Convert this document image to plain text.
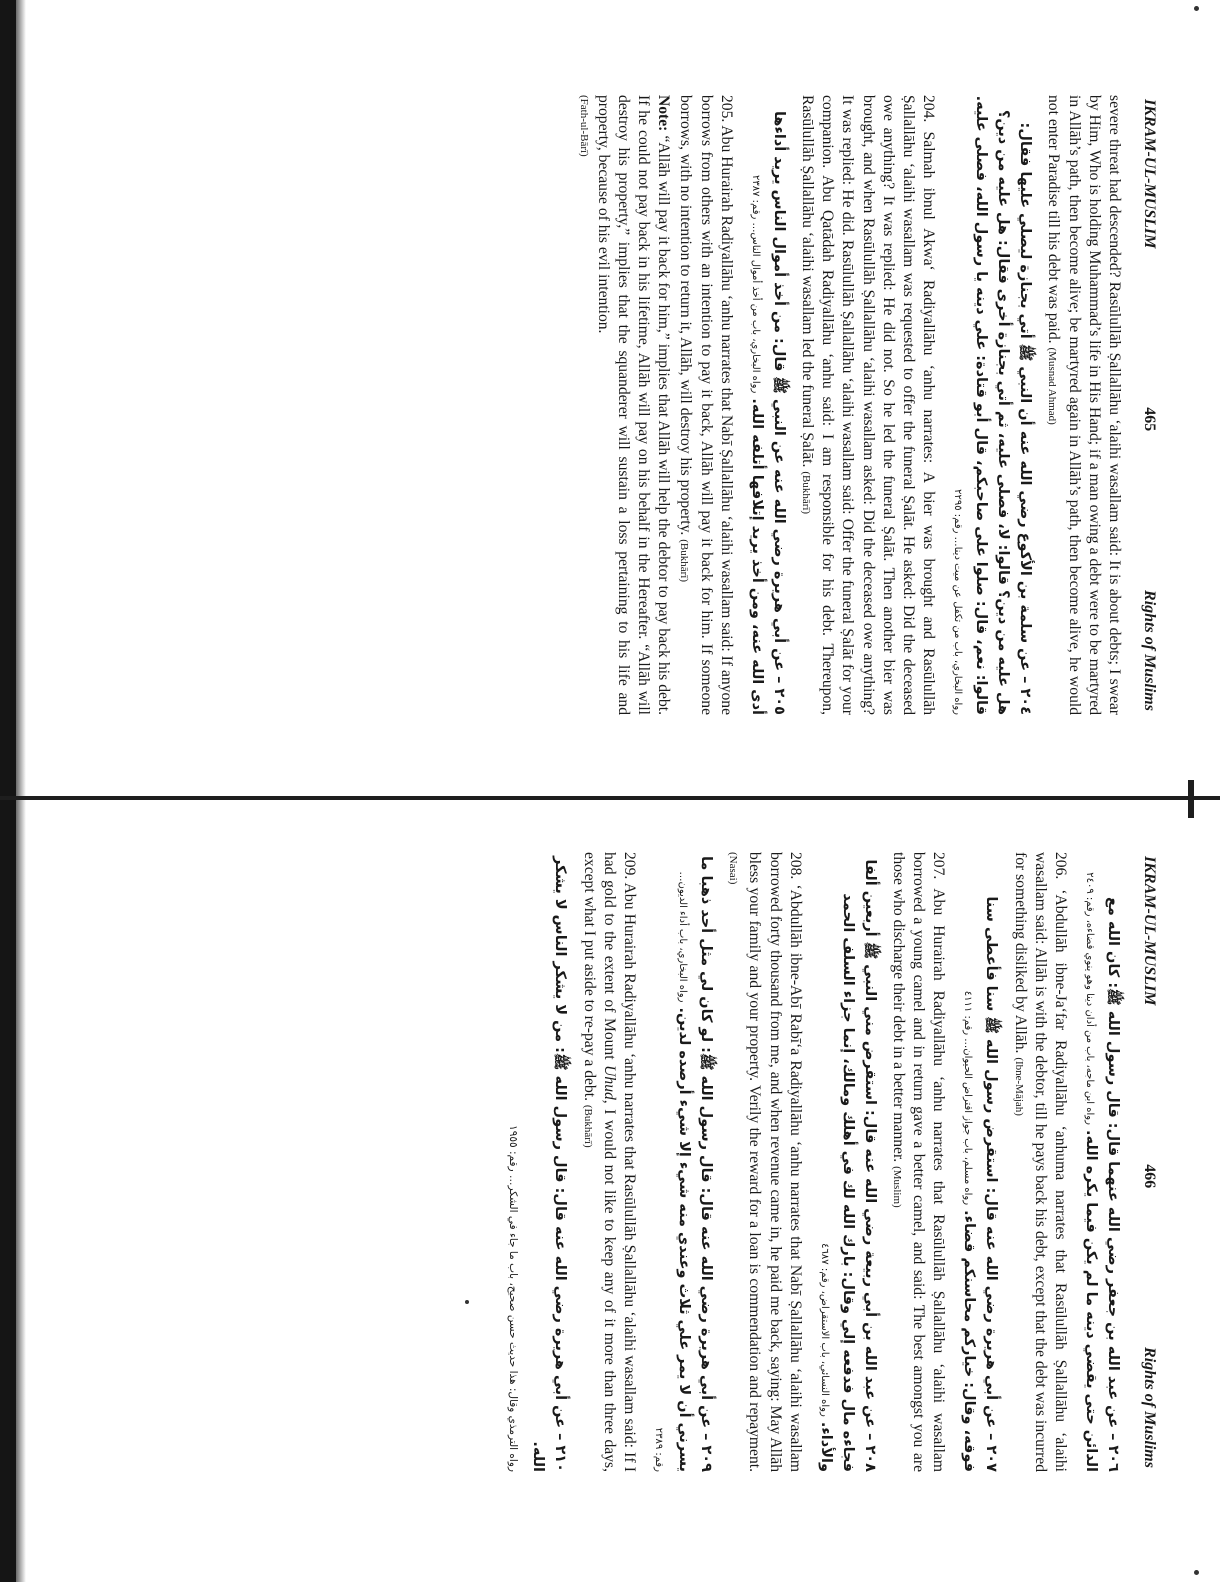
IKRAM-UL-MUSLIM
465
Rights of Muslims

severe threat had descended? Rasūlullāh Ṣallallāhu ‘alaihi wasallam said: It is about debts; I swear by Him, Who is holding Muhammad’s life in His Hand; if a man owing a debt were to be martyred in Allāh’s path, then become alive; be martyred again in Allāh’s path, then become alive, he would not enter Paradise till his debt was paid. (Musnad Ahmad)

٢٠٤ – عن سلمة بن الأكوع رضي الله عنه أن النبي ﷺ أتي بجنازة ليصلي عليها فقال: هل عليه من دين؟ قالوا: لا، فصلى عليه، ثم أتي بجنازة أخرى فقال: هل عليه من دين؟ قالوا: نعم، قال: صلوا على صاحبكم، قال أبو قتادة: علي دينه يا رسول الله، فصلى عليه. رواه البخاري، باب من تكفل عن ميت دينا… رقم: ٢٢٩٥

204. Salmah ibnul Akwa‘ Radiyallāhu ‘anhu narrates: A bier was brought and Rasūlullāh Ṣallallāhu ‘alaihi wasallam was requested to offer the funeral Ṣalāt. He asked: Did the deceased owe anything? It was replied: He did not. So he led the funeral Ṣalāt. Then another bier was brought, and when Rasūlullāh Ṣallallāhu ‘alaihi wasallam asked: Did the deceased owe anything? It was replied: He did. Rasūlullāh Ṣallallāhu ‘alaihi wasallam said: Offer the funeral Ṣalāt for your companion. Abu Qatādah Radiyallāhu ‘anhu said: I am responsible for his debt. Thereupon, Rasūlullāh Ṣallallāhu ‘alaihi wasallam led the funeral Ṣalāt. (Bukhārī)

٢٠٥ – عن أبي هريرة رضي الله عنه عن النبي ﷺ قال: من أخذ أموال الناس يريد أداءها أدى الله عنه، ومن أخذ يريد إتلافها أتلفه الله. رواه البخاري، باب من أخذ أموال الناس… رقم: ٢٣٨٧

205. Abu Hurairah Radiyallāhu ‘anhu narrates that Nabī Ṣallallāhu ‘alaihi wasallam said: If anyone borrows from others with an intention to pay it back, Allāh will pay it back for him. If someone borrows, with no intention to return it, Allāh, will destroy his property. (Bukhārī)

Note: “Allāh will pay it back for him,” implies that Allāh will help the debtor to pay back his debt. If he could not pay back in his lifetime, Allāh will pay on his behalf in the Hereafter. “Allāh will destroy his property,” implies that the squanderer will sustain a loss pertaining to his life and property, because of his evil intention.

(Fath-ul-Bārī)
IKRAM-UL-MUSLIM
466
Rights of Muslims
٢٠٦ – عن عبد الله بن جعفر رضي الله عنهما قال: قال رسول الله ﷺ: كان الله مع الدائن حتى يقضي دينه ما لم يكن فيما يكره الله. رواه ابن ماجه، باب من أدان دينا وهو ينوي قضاءه، رقم: ٢٤٠٩

206. ‘Abdullāh ibne-Ja‘far Radiyallāhu ‘anhuma narrates that Rasūlullāh Ṣallallāhu ‘alaihi wasallam said: Allāh is with the debtor, till he pays back his debt, except that the debt was incurred for something disliked by Allāh. (Ibne-Mājah)

٢٠٧ – عن أبي هريرة رضي الله عنه قال: استقرض رسول الله ﷺ سنا فأعطى سنا فوقه، وقال: خياركم محاسنكم قضاء. رواه مسلم، باب جواز اقتراض الحيوان… رقم: ٤١١١

207. Abu Hurairah Radiyallāhu ‘anhu narrates that Rasūlullāh Ṣallallāhu ‘alaihi wasallam borrowed a young camel and in return gave a better camel, and said: The best amongst you are those who discharge their debt in a better manner. (Muslim)

٢٠٨ – عن عبد الله بن أبي ربيعة رضي الله عنه قال: استقرض مني النبي ﷺ أربعين ألفا فجاءه مال فدفعه إلي وقال: بارك الله لك في أهلك ومالك، إنما جزاء السلف الحمد والأداء. رواه النسائي، باب الاستقراض، رقم: ٤٦٨٧

208. ‘Abdullāh ibne-Abī Rabī‘a Radiyallāhu ‘anhu narrates that Nabī Ṣallallāhu ‘alaihi wasallam borrowed forty thousand from me, and when revenue came in, he paid me back, saying: May Allāh bless your family and your property. Verily the reward for a loan is commendation and repayment. (Nasai)

٢٠٩ – عن أبي هريرة رضي الله عنه قال: قال رسول الله ﷺ: لو كان لي مثل أحد ذهبا ما يسرني أن لا يمر علي ثلاث وعندي منه شيء إلا شيء أرصده لدين. رواه البخاري، باب أداء الديون… رقم: ٢٣٨٩

209. Abu Hurairah Radiyallāhu ‘anhu narrates that Rasūlullāh Ṣallallāhu ‘alaihi wasallam said: If I had gold to the extent of Mount Uhud, I would not like to keep any of it more than three days, except what I put aside to re-pay a debt. (Bukhārī)

٢١٠ – عن أبي هريرة رضي الله عنه قال: قال رسول الله ﷺ: من لا يشكر الناس لا يشكر الله.
رواه الترمذي وقال: هذا حديث حسن صحيح، باب ما جاء في الشكر… رقم: ١٩٥٥
